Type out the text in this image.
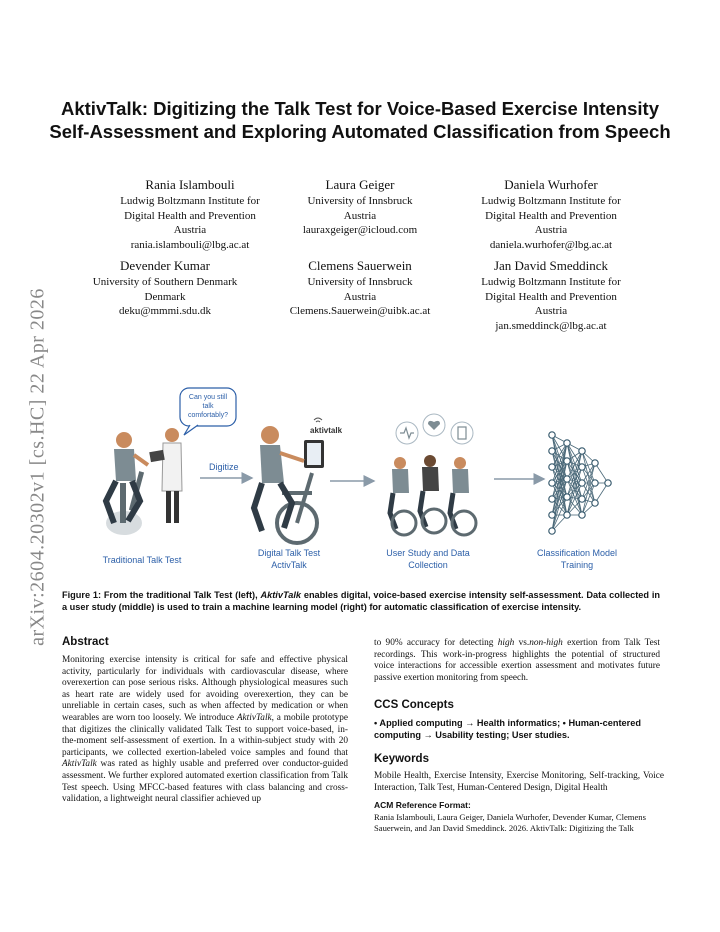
arXiv:2604.20302v1 [cs.HC] 22 Apr 2026
AktivTalk: Digitizing the Talk Test for Voice-Based Exercise Intensity Self-Assessment and Exploring Automated Classification from Speech
Rania Islambouli
Ludwig Boltzmann Institute for
Digital Health and Prevention
Austria
rania.islambouli@lbg.ac.at
Laura Geiger
University of Innsbruck
Austria
lauraxgeiger@icloud.com
Daniela Wurhofer
Ludwig Boltzmann Institute for
Digital Health and Prevention
Austria
daniela.wurhofer@lbg.ac.at
Devender Kumar
University of Southern Denmark
Denmark
deku@mmmi.sdu.dk
Clemens Sauerwein
University of Innsbruck
Austria
Clemens.Sauerwein@uibk.ac.at
Jan David Smeddinck
Ludwig Boltzmann Institute for
Digital Health and Prevention
Austria
jan.smeddinck@lbg.ac.at
Can you still
talk
comfortably?
Digitize
aktivtalk
Traditional Talk Test
Digital Talk Test
ActivTalk
User Study and Data
Collection
Classification Model
Training

Figure 1: From the traditional Talk Test (left), AktivTalk enables digital, voice-based exercise intensity self-assessment. Data collected in a user study (middle) is used to train a machine learning model (right) for automatic classification of exercise intensity.

Abstract

Monitoring exercise intensity is critical for safe and effective physical activity, particularly for individuals with cardiovascular disease, where overexertion can pose serious risks. Although physiological measures such as heart rate are widely used for avoiding overexertion, they can be unreliable in certain cases, such as when affected by medication or when wearables are worn too loosely. We introduce AktivTalk, a mobile prototype that digitizes the clinically validated Talk Test to support voice-based, in-the-moment self-assessment of exertion. In a within-subject study with 20 participants, we collected exertion-labeled voice samples and found that AktivTalk was rated as highly usable and preferred over conductor-guided assessment. We further explored automated exertion classification from Talk Test speech. Using MFCC-based features with class balancing and cross-validation, a lightweight neural classifier achieved up

to 90% accuracy for detecting high vs.non-high exertion from Talk Test recordings. This work-in-progress highlights the potential of structured voice interactions for accessible exertion assessment and motivates future passive exertion monitoring from speech.

CCS Concepts

• Applied computing → Health informatics; • Human-centered computing → Usability testing; User studies.

Keywords

Mobile Health, Exercise Intensity, Exercise Monitoring, Self-tracking, Voice Interaction, Talk Test, Human-Centered Design, Digital Health

ACM Reference Format:

Rania Islambouli, Laura Geiger, Daniela Wurhofer, Devender Kumar, Clemens Sauerwein, and Jan David Smeddinck. 2026. AktivTalk: Digitizing the Talk
